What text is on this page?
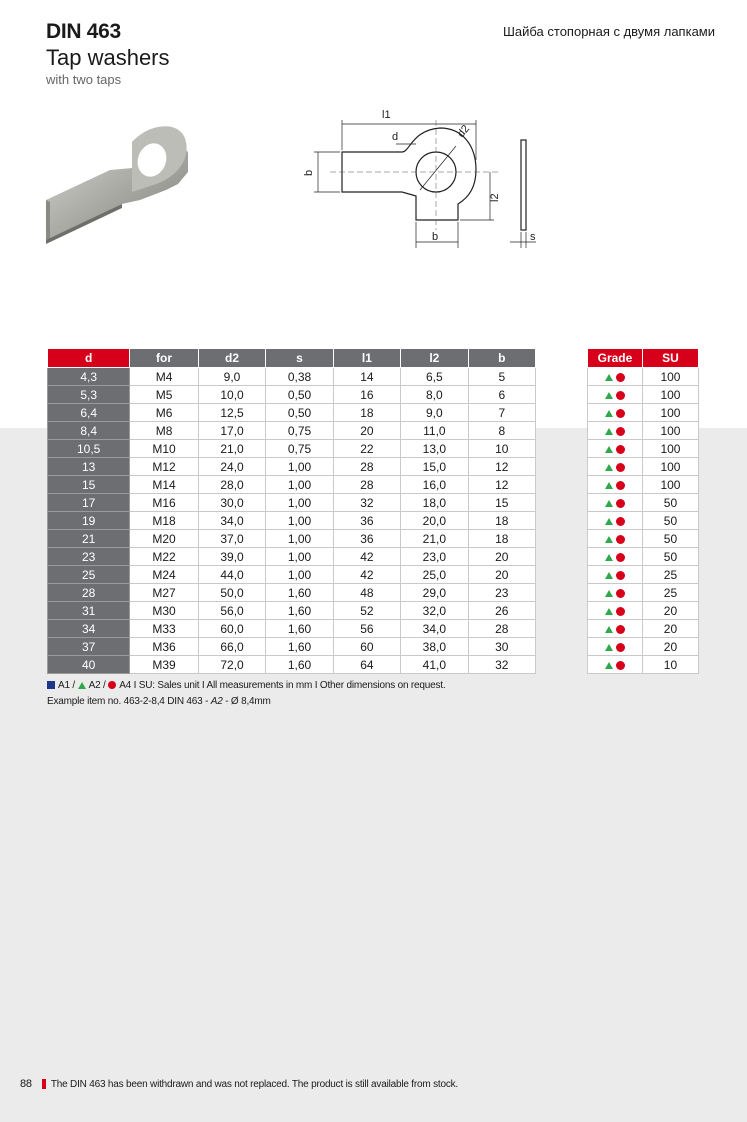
DIN 463
Tap washers
with two taps
Шайба стопорная с двумя лапками
l1
d	d2
b
l2
b	s
d	for	d2	s	l1	l2	b
4,3	M4	9,0	0,38	14	6,5	5
5,3	M5	10,0	0,50	16	8,0	6
6,4	M6	12,5	0,50	18	9,0	7
8,4	M8	17,0	0,75	20	11,0	8
10,5	M10	21,0	0,75	22	13,0	10
13	M12	24,0	1,00	28	15,0	12
15	M14	28,0	1,00	28	16,0	12
17	M16	30,0	1,00	32	18,0	15
19	M18	34,0	1,00	36	20,0	18
21	M20	37,0	1,00	36	21,0	18
23	M22	39,0	1,00	42	23,0	20
25	M24	44,0	1,00	42	25,0	20
28	M27	50,0	1,60	48	29,0	23
31	M30	56,0	1,60	52	32,0	26
34	M33	60,0	1,60	56	34,0	28
37	M36	66,0	1,60	60	38,0	30
40	M39	72,0	1,60	64	41,0	32
Grade	SU
	100
	100
	100
	100
	100
	100
	100
	50
	50
	50
	50
	25
	25
	20
	20
	20
	10
A1 / A2 / A4 I SU: Sales unit I All measurements in mm I Other dimensions on request.
Example item no. 463-2-8,4 DIN 463 - A2 - Ø 8,4mm
88 The DIN 463 has been withdrawn and was not replaced. The product is still available from stock.
